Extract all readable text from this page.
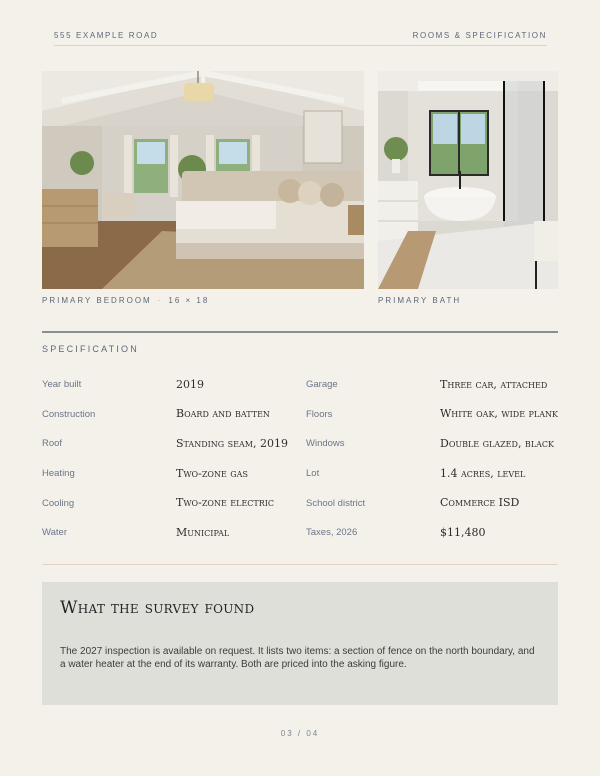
555 EXAMPLE ROAD	ROOMS & SPECIFICATION
PRIMARY BEDROOM · 16 × 18	PRIMARY BATH
SPECIFICATION
Year built	2019	Garage	Three car, attached
Construction	Board and batten	Floors	White oak, wide plank
Roof	Standing seam, 2019	Windows	Double glazed, black
Heating	Two-zone gas	Lot	1.4 acres, level
Cooling	Two-zone electric	School district	Commerce ISD
Water	Municipal	Taxes, 2026	$11,480
What the survey found
The 2027 inspection is available on request. It lists two items: a section of fence on the north boundary, and a water heater at the end of its warranty. Both are priced into the asking figure.
03 / 04
